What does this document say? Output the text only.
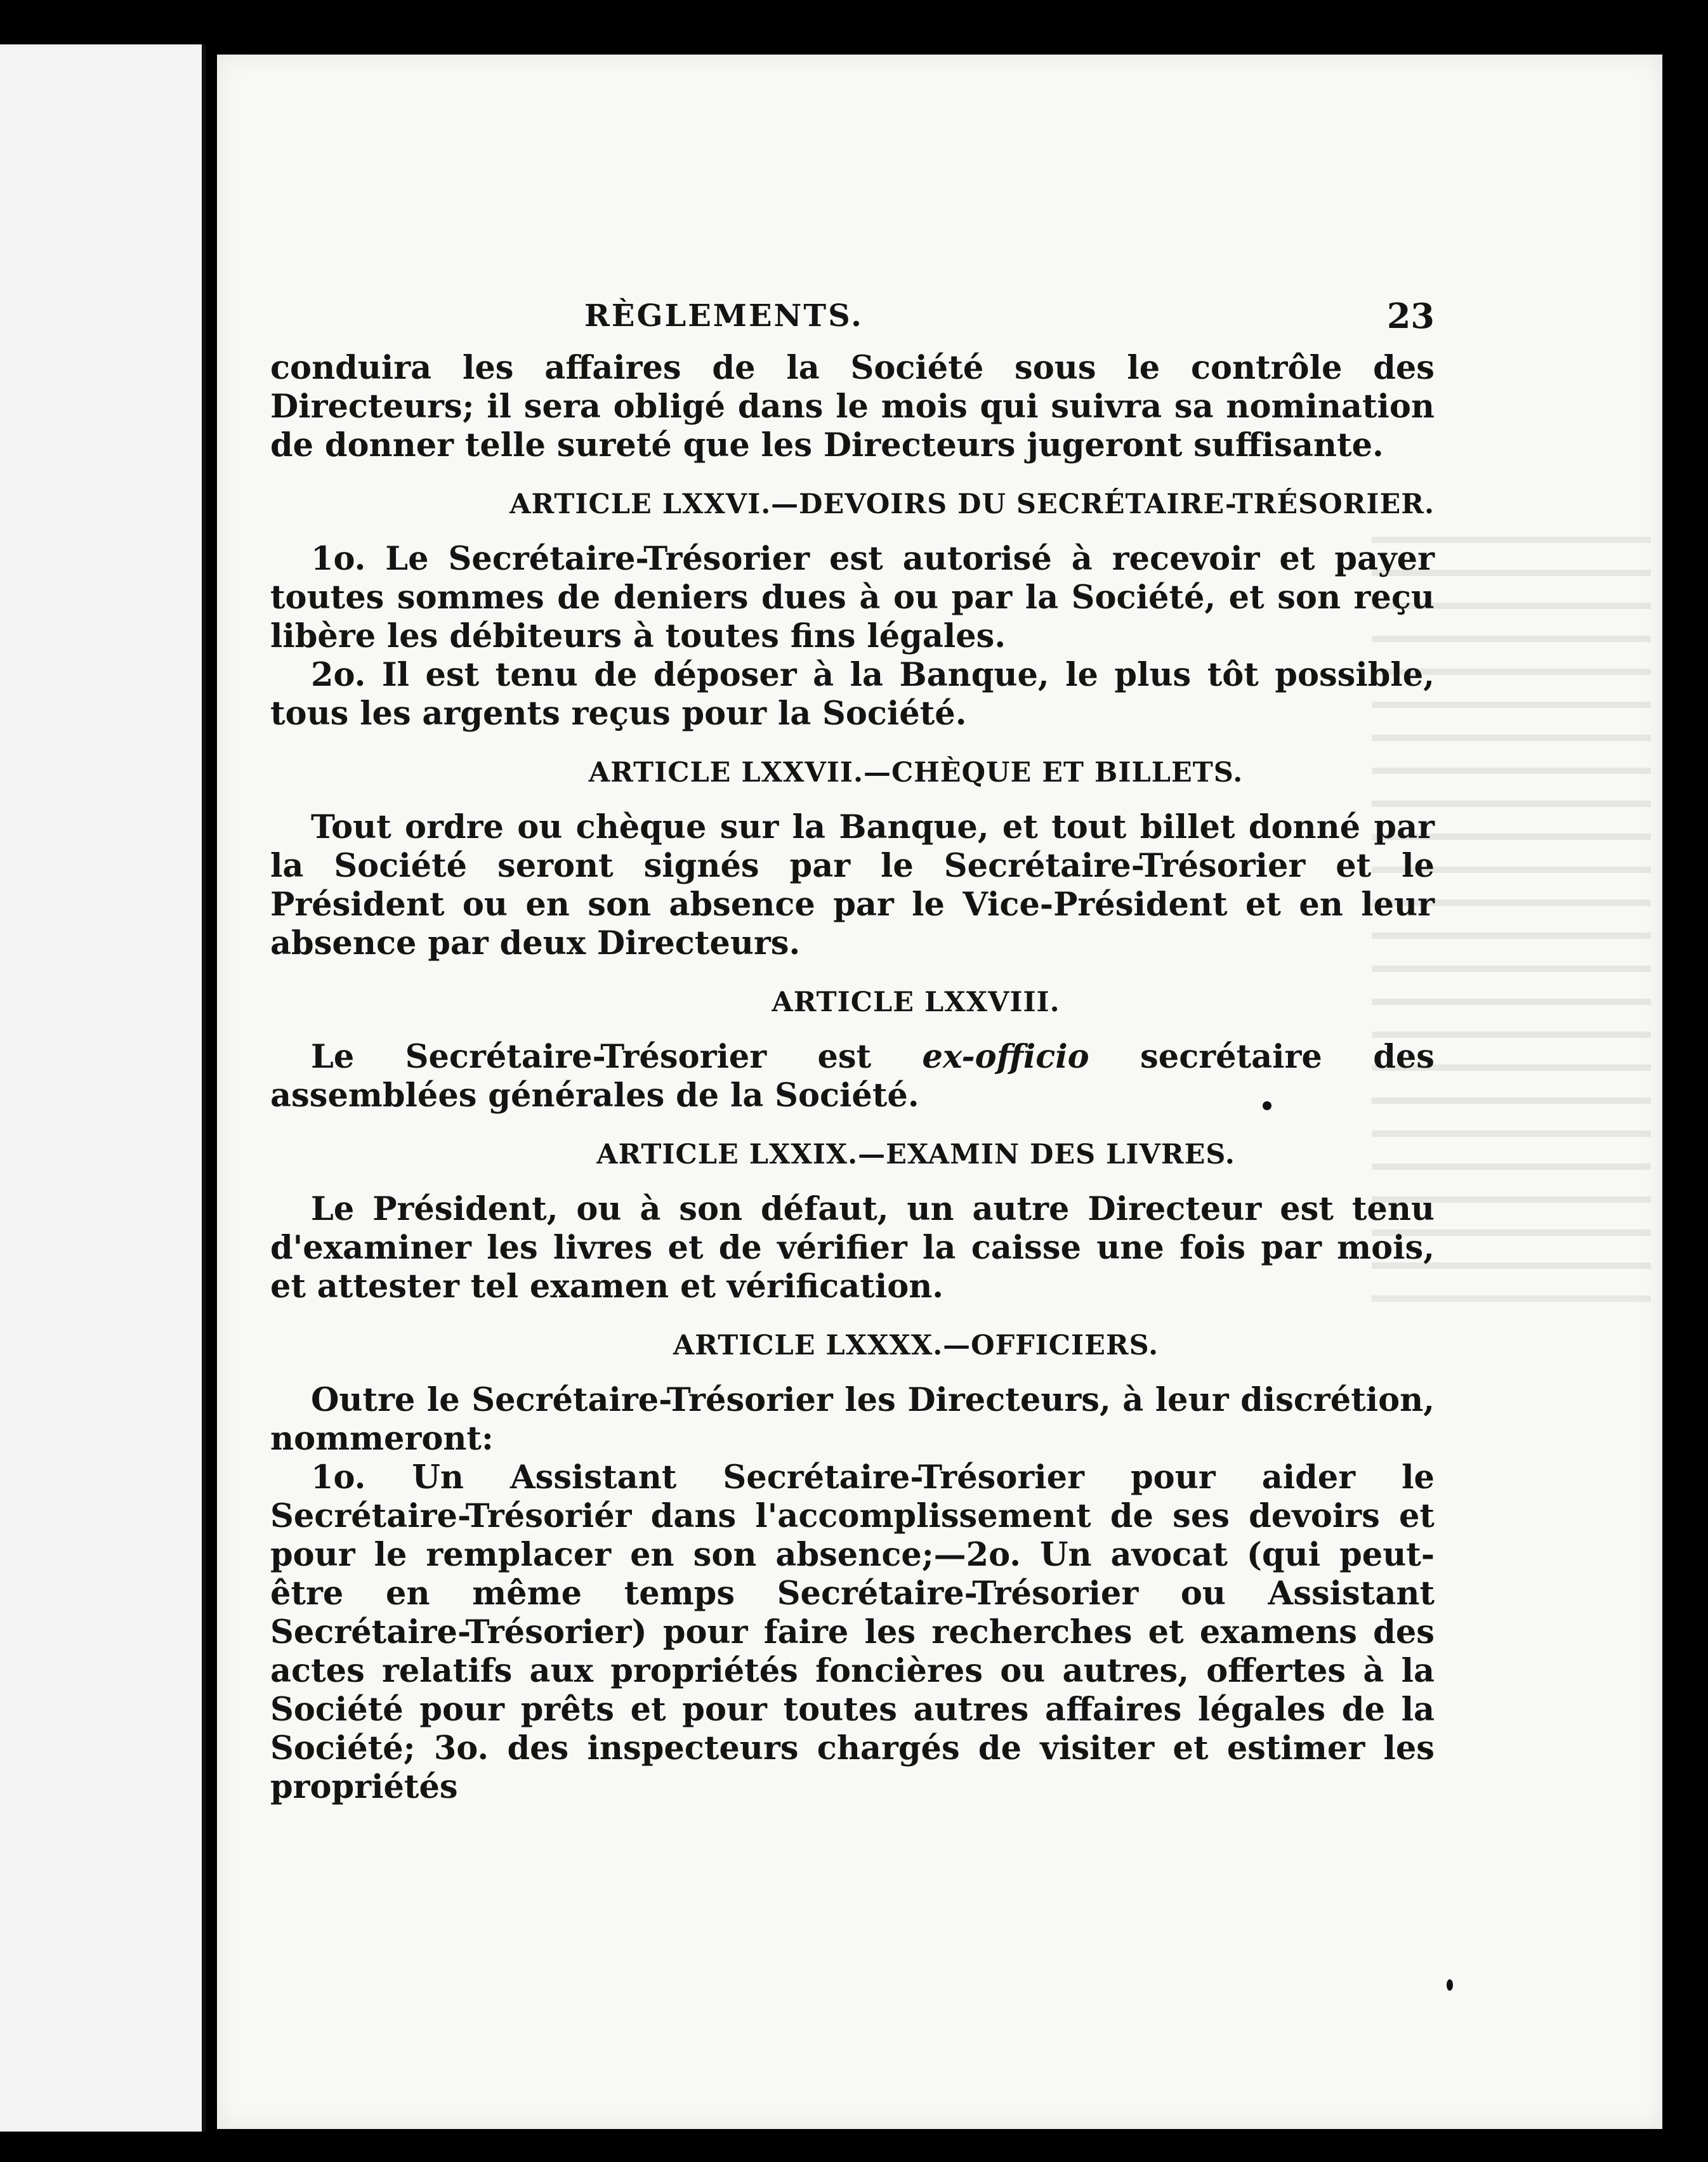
RÈGLEMENTS.	23

conduira les affaires de la Société sous le contrôle des Directeurs; il sera obligé dans le mois qui suivra sa nomination de donner telle sureté que les Directeurs jugeront suffisante.

ARTICLE LXXVI.—DEVOIRS DU SECRÉTAIRE-TRÉSORIER.

1o. Le Secrétaire-Trésorier est autorisé à recevoir et payer toutes sommes de deniers dues à ou par la Société, et son reçu libère les débiteurs à toutes fins légales.

2o. Il est tenu de déposer à la Banque, le plus tôt possible, tous les argents reçus pour la Société.

ARTICLE LXXVII.—CHÈQUE ET BILLETS.

Tout ordre ou chèque sur la Banque, et tout billet donné par la Société seront signés par le Secrétaire-Trésorier et le Président ou en son absence par le Vice-Président et en leur absence par deux Directeurs.

ARTICLE LXXVIII.

Le Secrétaire-Trésorier est ex-officio secrétaire des assemblées générales de la Société.

ARTICLE LXXIX.—EXAMIN DES LIVRES.

Le Président, ou à son défaut, un autre Directeur est tenu d'examiner les livres et de vérifier la caisse une fois par mois, et attester tel examen et vérification.

ARTICLE LXXXX.—OFFICIERS.

Outre le Secrétaire-Trésorier les Directeurs, à leur discrétion, nommeront:

1o. Un Assistant Secrétaire-Trésorier pour aider le Secrétaire-Trésoriér dans l'accomplissement de ses devoirs et pour le remplacer en son absence;—2o. Un avocat (qui peut-être en même temps Secrétaire-Trésorier ou Assistant Secrétaire-Trésorier) pour faire les recherches et examens des actes relatifs aux propriétés foncières ou autres, offertes à la Société pour prêts et pour toutes autres affaires légales de la Société; 3o. des inspecteurs chargés de visiter et estimer les propriétés
